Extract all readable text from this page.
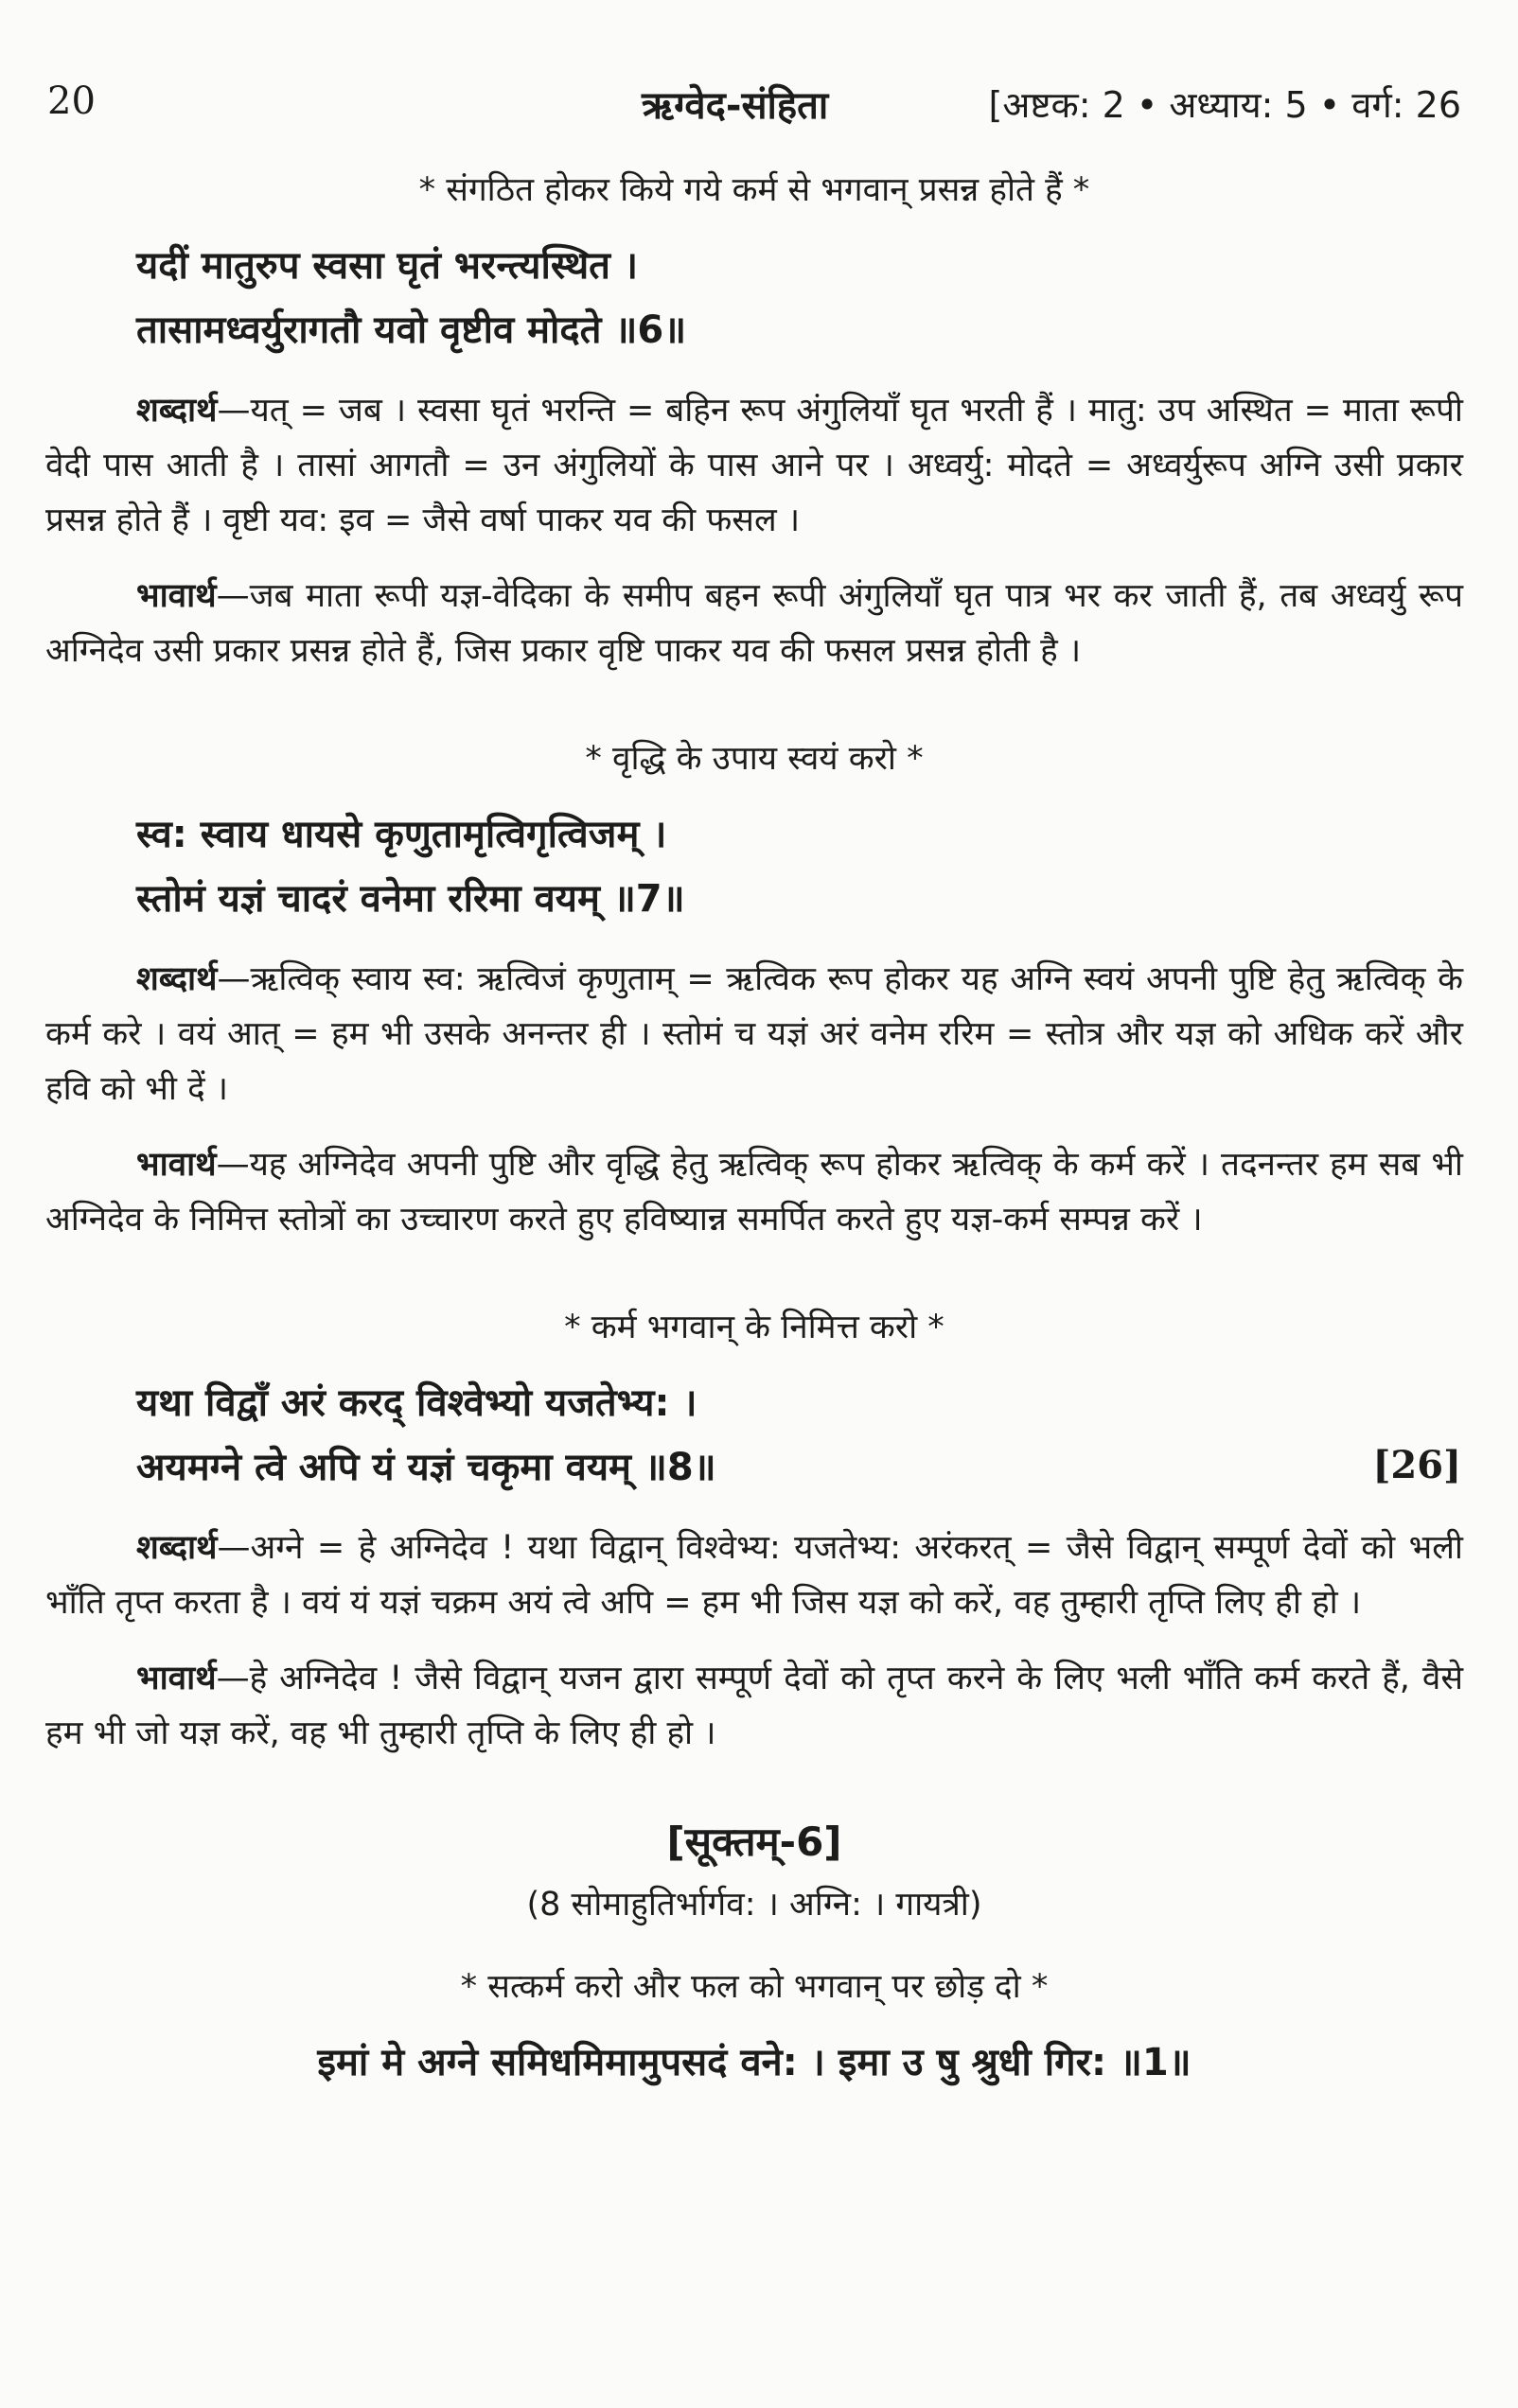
20	ऋग्वेद-संहिता	[अष्टक: 2 • अध्याय: 5 • वर्ग: 26
* संगठित होकर किये गये कर्म से भगवान् प्रसन्न होते हैं *
यदीं मातुरुप स्वसा घृतं भरन्त्यस्थित ।
तासामध्वर्युरागतौ यवो वृष्टीव मोदते ॥6॥

शब्दार्थ—यत् = जब । स्वसा घृतं भरन्ति = बहिन रूप अंगुलियाँ घृत भरती हैं । मातु: उप अस्थित = माता रूपी वेदी पास आती है । तासां आगतौ = उन अंगुलियों के पास आने पर । अध्वर्यु: मोदते = अध्वर्युरूप अग्नि उसी प्रकार प्रसन्न होते हैं । वृष्टी यव: इव = जैसे वर्षा पाकर यव की फसल ।

भावार्थ—जब माता रूपी यज्ञ-वेदिका के समीप बहन रूपी अंगुलियाँ घृत पात्र भर कर जाती हैं, तब अध्वर्यु रूप अग्निदेव उसी प्रकार प्रसन्न होते हैं, जिस प्रकार वृष्टि पाकर यव की फसल प्रसन्न होती है ।

* वृद्धि के उपाय स्वयं करो *
स्व: स्वाय धायसे कृणुतामृत्विगृत्विजम् ।
स्तोमं यज्ञं चादरं वनेमा ररिमा वयम् ॥7॥

शब्दार्थ—ऋत्विक् स्वाय स्व: ऋत्विजं कृणुताम् = ऋत्विक रूप होकर यह अग्नि स्वयं अपनी पुष्टि हेतु ऋत्विक् के कर्म करे । वयं आत् = हम भी उसके अनन्तर ही । स्तोमं च यज्ञं अरं वनेम ररिम = स्तोत्र और यज्ञ को अधिक करें और हवि को भी दें ।

भावार्थ—यह अग्निदेव अपनी पुष्टि और वृद्धि हेतु ऋत्विक् रूप होकर ऋत्विक् के कर्म करें । तदनन्तर हम सब भी अग्निदेव के निमित्त स्तोत्रों का उच्चारण करते हुए हविष्यान्न समर्पित करते हुए यज्ञ-कर्म सम्पन्न करें ।

* कर्म भगवान् के निमित्त करो *
यथा विद्वाँ अरं करद् विश्वेभ्यो यजतेभ्य: ।
अयमग्ने त्वे अपि यं यज्ञं चकृमा वयम् ॥8॥	[26]

शब्दार्थ—अग्ने = हे अग्निदेव ! यथा विद्वान् विश्वेभ्य: यजतेभ्य: अरंकरत् = जैसे विद्वान् सम्पूर्ण देवों को भली भाँति तृप्त करता है । वयं यं यज्ञं चक्रम अयं त्वे अपि = हम भी जिस यज्ञ को करें, वह तुम्हारी तृप्ति लिए ही हो ।

भावार्थ—हे अग्निदेव ! जैसे विद्वान् यजन द्वारा सम्पूर्ण देवों को तृप्त करने के लिए भली भाँति कर्म करते हैं, वैसे हम भी जो यज्ञ करें, वह भी तुम्हारी तृप्ति के लिए ही हो ।

[सूक्तम्-6]
(8 सोमाहुतिर्भार्गव: । अग्नि: । गायत्री)
* सत्कर्म करो और फल को भगवान् पर छोड़ दो *
इमां मे अग्ने समिधमिमामुपसदं वने: । इमा उ षु श्रुधी गिर: ॥1॥
